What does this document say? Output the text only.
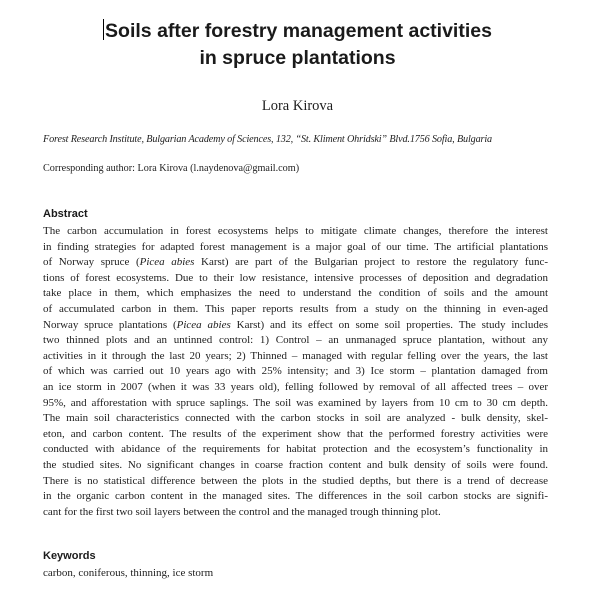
Soils after forestry management activities
in spruce plantations
Lora Kirova
Forest Research Institute, Bulgarian Academy of Sciences, 132, “St. Kliment Ohridski” Blvd.1756 Sofia, Bulgaria
Corresponding author: Lora Kirova (l.naydenova@gmail.com)
Abstract
The carbon accumulation in forest ecosystems helps to mitigate climate changes, therefore the interest
in finding strategies for adapted forest management is a major goal of our time. The artificial plantations
of Norway spruce (Picea abies Karst) are part of the Bulgarian project to restore the regulatory func-
tions of forest ecosystems. Due to their low resistance, intensive processes of deposition and degradation
take place in them, which emphasizes the need to understand the condition of soils and the amount
of accumulated carbon in them. This paper reports results from a study on the thinning in even-aged
Norway spruce plantations (Picea abies Karst) and its effect on some soil properties. The study includes
two thinned plots and an untinned control: 1) Control – an unmanaged spruce plantation, without any
activities in it through the last 20 years; 2) Thinned – managed with regular felling over the years, the last
of which was carried out 10 years ago with 25% intensity; and 3) Ice storm – plantation damaged from
an ice storm in 2007 (when it was 33 years old), felling followed by removal of all affected trees – over
95%, and afforestation with spruce saplings. The soil was examined by layers from 10 cm to 30 cm depth.
The main soil characteristics connected with the carbon stocks in soil are analyzed - bulk density, skel-
eton, and carbon content. The results of the experiment show that the performed forestry activities were
conducted with abidance of the requirements for habitat protection and the ecosystem’s functionality in
the studied sites. No significant changes in coarse fraction content and bulk density of soils were found.
There is no statistical difference between the plots in the studied depths, but there is a trend of decrease
in the organic carbon content in the managed sites. The differences in the soil carbon stocks are signifi-
cant for the first two soil layers between the control and the managed trough thinning plot.
Keywords
carbon, coniferous, thinning, ice storm
